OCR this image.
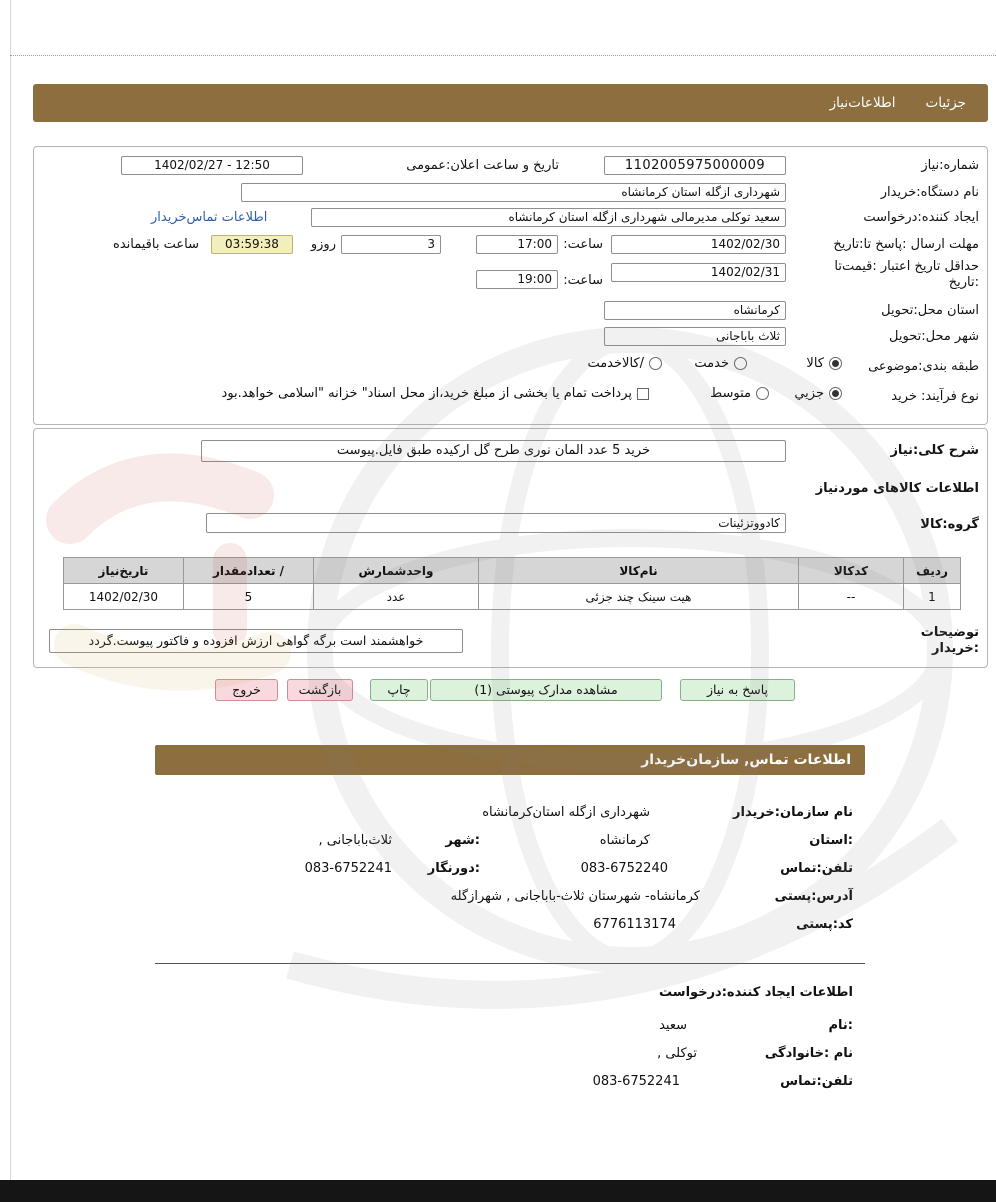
جزئیات
اطلاعات‌نیاز
شماره:نیاز
1102005975000009
تاریخ و ساعت اعلان:عمومی
1402/02/27 - 12:50
نام دستگاه:خریدار
شهرداری ازگله استان کرمانشاه
ایجاد کننده:درخواست
سعید توکلی مدیرمالی شهرداری ازگله استان کرمانشاه
اطلاعات تماس‌خریدار
مهلت ارسال :پاسخ تا:تاریخ
1402/02/30
ساعت:
17:00
3
روزو
03:59:38
ساعت باقیمانده
حداقل تاریخ اعتبار :قیمت‌تا
:تاریخ
1402/02/31
ساعت:
19:00
استان محل:تحویل
کرمانشاه
شهر محل:تحویل
ثلاث باباجانی
طبقه بندی:موضوعی
کالا
خدمت
/کالاخدمت
نوع فرآیند: خرید
جزیي
متوسط
پرداخت تمام یا بخشی از مبلغ خرید،از محل اسناد" خزانه "اسلامی خواهد.بود
شرح کلی:نیاز
خرید 5 عدد المان نوری طرح گل ارکیده طبق فایل.پیوست
اطلاعات کالاهای موردنیاز
گروه:کالا
کادووتزئینات
ردیف	کدکالا	نام‌کالا	واحدشمارش	/ تعدادمقدار	تاریخ‌نیاز
1	--	هیت سینک چند جزئی	عدد	5	1402/02/30
توضیحات
:خریدار
خواهشمند است برگه گواهی ارزش افزوده و فاکتور پیوست.گردد
پاسخ به نیاز
مشاهده مدارک پیوستی (1)
چاپ
بازگشت
خروج
اطلاعات تماس, سازمان‌خریدار
نام سازمان:خریدار
شهرداری ازگله استان‌کرمانشاه
:استان
کرمانشاه
:شهر
ثلاث‌باباجانی ,
تلفن:تماس
083-6752240
:دورنگار
083-6752241
آدرس:پستی
کرمانشاه- شهرستان ثلاث-باباجانی , شهرازگله
کد:پستی
6776113174
اطلاعات ایجاد کننده:درخواست
:نام
سعید
نام :خانوادگی
توکلی ,
تلفن:تماس
083-6752241
